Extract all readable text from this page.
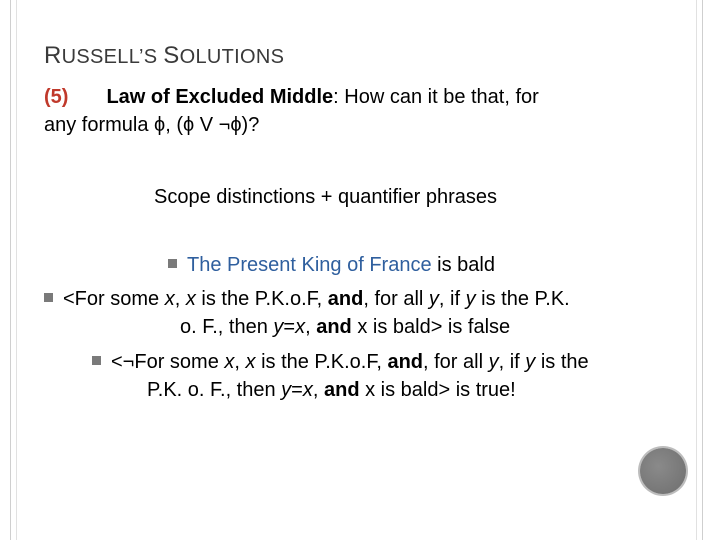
RUSSELL’S SOLUTIONS
(5) Law of Excluded Middle: How can it be that, for
any formula ϕ, (ϕ V ¬ϕ)?
Scope distinctions + quantifier phrases
The Present King of France is bald
<For some x, x is the P.K.o.F, and, for all y, if y is the P.K.
o. F., then y=x, and x is bald> is false
<¬For some x, x is the P.K.o.F, and, for all y, if y is the
P.K. o. F., then y=x, and x is bald> is true!
